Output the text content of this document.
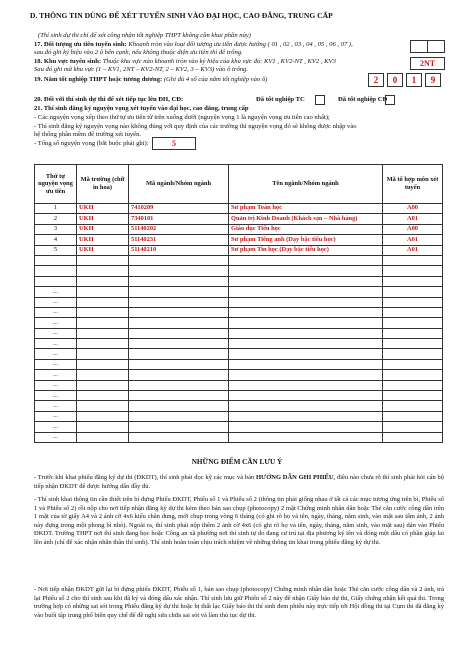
D. THÔNG TIN DÙNG ĐỂ XÉT TUYỂN SINH VÀO ĐẠI HỌC, CAO ĐẲNG, TRUNG CẤP
(Thí sinh dự thi chỉ để xét công nhận tốt nghiệp THPT không cần khai phần này)
17. Đối tượng ưu tiên tuyển sinh: Khoanh tròn vào loại đối tượng ưu tiên được hưởng ( 01 , 02 , 03 , 04 , 05 , 06 , 07 ),
sau đó ghi ký hiệu vào 2 ô bên cạnh, nếu không thuộc diện ưu tiên thì để trống.
18. Khu vực tuyển sinh: Thuộc khu vực nào khoanh tròn vào ký hiệu của khu vực đó: KV1 , KV2-NT , KV2 , KV3
Sau đó ghi mã khu vực (1 – KV1, 2NT – KV2-NT, 2 – KV2, 3 – KV3) vào ô trống.
2NT
19. Năm tốt nghiệp THPT hoặc tương đương: (Ghi đủ 4 số của năm tốt nghiệp vào ô)	2	0	1	9
20. Đối với thí sinh dự thi để xét tiếp tục lên ĐH, CĐ:	Đã tốt nghiệp TC	Đã tốt nghiệp CĐ
21. Thí sinh đăng ký nguyện vọng xét tuyển vào đại học, cao đẳng, trung cấp
- Các nguyện vọng xếp theo thứ tự ưu tiên từ trên xuống dưới (nguyện vọng 1 là nguyện vọng ưu tiên cao nhất);
- Thí sinh đăng ký nguyện vọng nào không đúng với quy định của các trường thì nguyện vọng đó sẽ không được nhập vào
hệ thống phần mềm để trường xét tuyển.
- Tổng số nguyện vọng (bắt buộc phải ghi):	5
Thứ tự nguyện vọng ưu tiên	Mã trường (chữ in hoa)	Mã ngành/Nhóm ngành	Tên ngành/Nhóm ngành	Mã tổ hợp môn xét tuyển
1	UKH	7410209	Sư phạm Toán học	A00
2	UKH	7340101	Quản trị Kinh Doanh (Khách sạn – Nhà hàng)	A01
3	UKH	51140202	Giáo dục Tiểu học	A00
4	UKH	51140231	Sư phạm Tiếng anh (Dạy bậc tiểu học)	A01
5	UKH	51140210	Sư phạm Tin học (Dạy bậc tiểu học)	A01

...				
...				
...				
...				
...				
...				
...				
...				
...				
...				
...				
...				
...				
...				
...				
NHỮNG ĐIỂM CẦN LƯU Ý
- Trước khi khai phiếu đăng ký dự thi (ĐKDT), thí sinh phải đọc kỹ các mục và bản HƯỚNG DẪN GHI PHIẾU, điều nào chưa rõ thí sinh phải hỏi cán bộ tiếp nhận ĐKDT để được hướng dẫn đầy đủ.
- Thí sinh khai thông tin cần thiết trên bì đựng Phiếu ĐKDT, Phiếu số 1 và Phiếu số 2 (thông tin phải giống nhau ở tất cả các mục tương ứng trên bì, Phiếu số 1 và Phiếu số 2) rồi nộp cho nơi tiếp nhận đăng ký dự thi kèm theo bản sao chụp (photocopy) 2 mặt Chứng minh nhân dân hoặc Thẻ căn cước công dân trên 1 mặt của tờ giấy A4 và 2 ảnh cỡ 4x6 kiểu chân dung, mới chụp trong vòng 6 tháng (có ghi rõ họ và tên, ngày, tháng, năm sinh, vào mặt sau tấm ảnh, 2 ảnh này đựng trong một phong bì nhỏ). Ngoài ra, thí sinh phải nộp thêm 2 ảnh cỡ 4x6 (có ghi rõ họ và tên, ngày, tháng, năm sinh, vào mặt sau) dán vào Phiếu ĐKDT. Trường THPT nơi thí sinh đang học hoặc Công an xã phường nơi thí sinh tự do đang cư trú tại địa phương ký tên và đóng một dấu có phần giáp lai lên ảnh (chỉ để xác nhận nhân thân thí sinh). Thí sinh hoàn toàn chịu trách nhiệm về những thông tin khai trong phiếu đăng ký dự thi.
- Nơi tiếp nhận ĐKDT gửi lại bì đựng phiếu ĐKDT, Phiếu số 1, bản sao chụp (photocopy) Chứng minh nhân dân hoặc Thẻ căn cước công dân và 2 ảnh, trả lại Phiếu số 2 cho thí sinh sau khi đã ký và đóng dấu xác nhận. Thí sinh lưu giữ Phiếu số 2 này để nhận Giấy báo dự thi, Giấy chứng nhận kết quả thi. Trong trường hợp có những sai sót trong Phiếu đăng ký dự thi hoặc bị thất lạc Giấy báo thi thí sinh đem phiếu này trực tiếp tới Hội đồng thi tại Cụm thi đã đăng ký vào buổi tập trung phổ biến quy chế để đề nghị sửa chữa sai sót và làm thủ tục dự thi.
